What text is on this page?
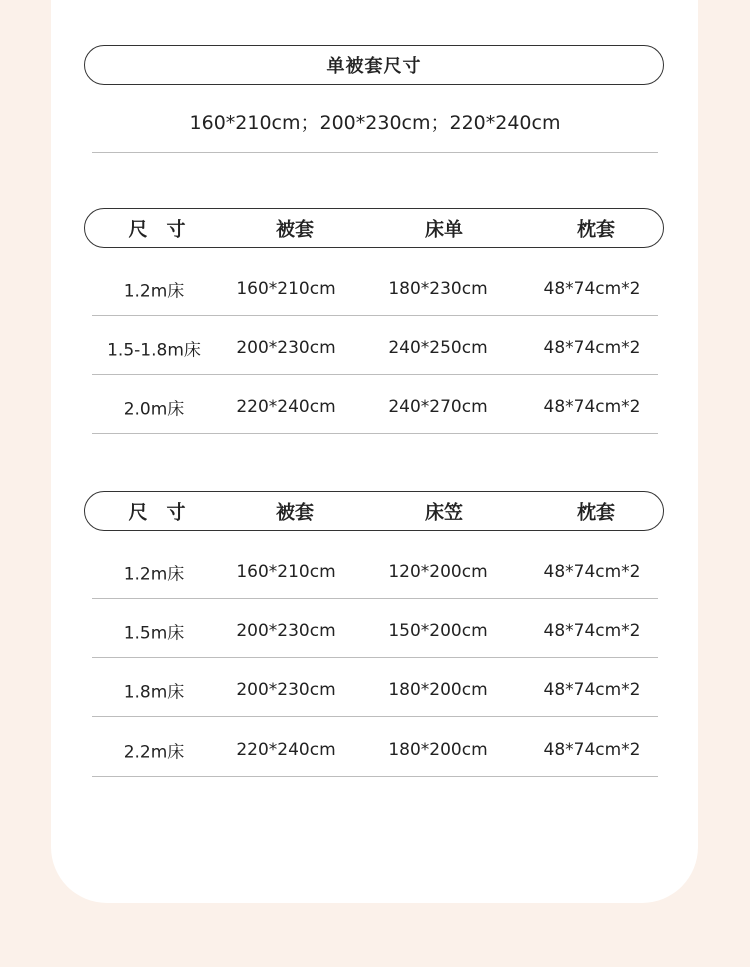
单被套尺寸
160*210cm；200*230cm；220*240cm
尺　寸	被套	床单	枕套
1.2m床	160*210cm	180*230cm	48*74cm*2
1.5-1.8m床 200*230cm	240*250cm	48*74cm*2
2.0m床	220*240cm	240*270cm	48*74cm*2
尺　寸	被套	床笠	枕套
1.2m床	160*210cm	120*200cm	48*74cm*2
1.5m床	200*230cm	150*200cm	48*74cm*2
1.8m床	200*230cm	180*200cm	48*74cm*2
2.2m床	220*240cm	180*200cm	48*74cm*2
